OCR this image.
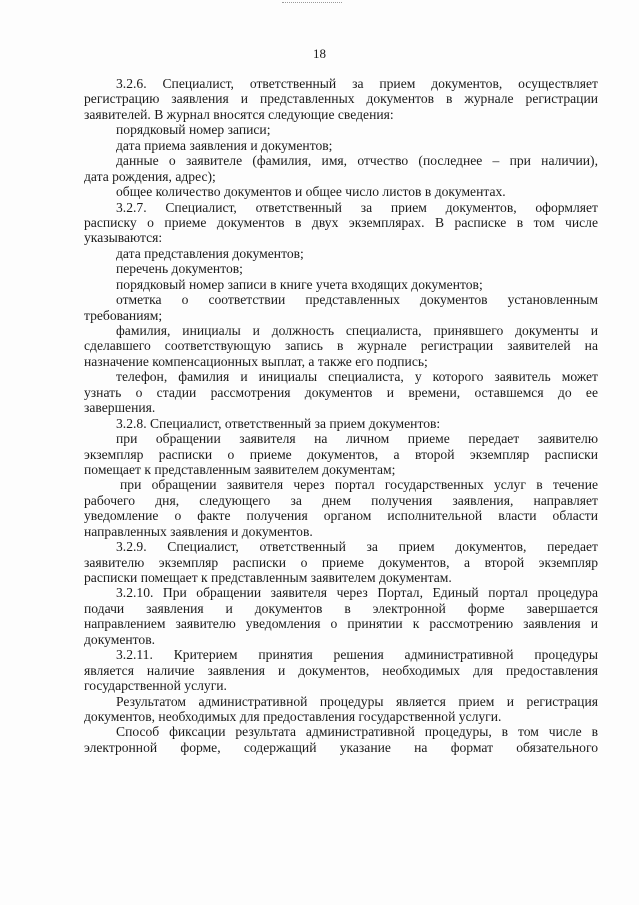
18
3.2.6. Специалист, ответственный за прием документов, осуществляет
регистрацию заявления и представленных документов в журнале регистрации
заявителей. В журнал вносятся следующие сведения:
порядковый номер записи;
дата приема заявления и документов;
данные о заявителе (фамилия, имя, отчество (последнее – при наличии),
дата рождения, адрес);
общее количество документов и общее число листов в документах.
3.2.7. Специалист, ответственный за прием документов, оформляет
расписку о приеме документов в двух экземплярах. В расписке в том числе
указываются:
дата представления документов;
перечень документов;
порядковый номер записи в книге учета входящих документов;
отметка о соответствии представленных документов установленным
требованиям;
фамилия, инициалы и должность специалиста, принявшего документы и
сделавшего соответствующую запись в журнале регистрации заявителей на
назначение компенсационных выплат, а также его подпись;
телефон, фамилия и инициалы специалиста, у которого заявитель может
узнать о стадии рассмотрения документов и времени, оставшемся до ее
завершения.
3.2.8. Специалист, ответственный за прием документов:
при обращении заявителя на личном приеме передает заявителю
экземпляр расписки о приеме документов, а второй экземпляр расписки
помещает к представленным заявителем документам;
при обращении заявителя через портал государственных услуг в течение
рабочего дня, следующего за днем получения заявления, направляет
уведомление о факте получения органом исполнительной власти области
направленных заявления и документов.
3.2.9. Специалист, ответственный за прием документов, передает
заявителю экземпляр расписки о приеме документов, а второй экземпляр
расписки помещает к представленным заявителем документам.
3.2.10. При обращении заявителя через Портал, Единый портал процедура
подачи заявления и документов в электронной форме завершается
направлением заявителю уведомления о принятии к рассмотрению заявления и
документов.
3.2.11. Критерием принятия решения административной процедуры
является наличие заявления и документов, необходимых для предоставления
государственной услуги.
Результатом административной процедуры является прием и регистрация
документов, необходимых для предоставления государственной услуги.
Способ фиксации результата административной процедуры, в том числе в
электронной форме, содержащий указание на формат обязательного
